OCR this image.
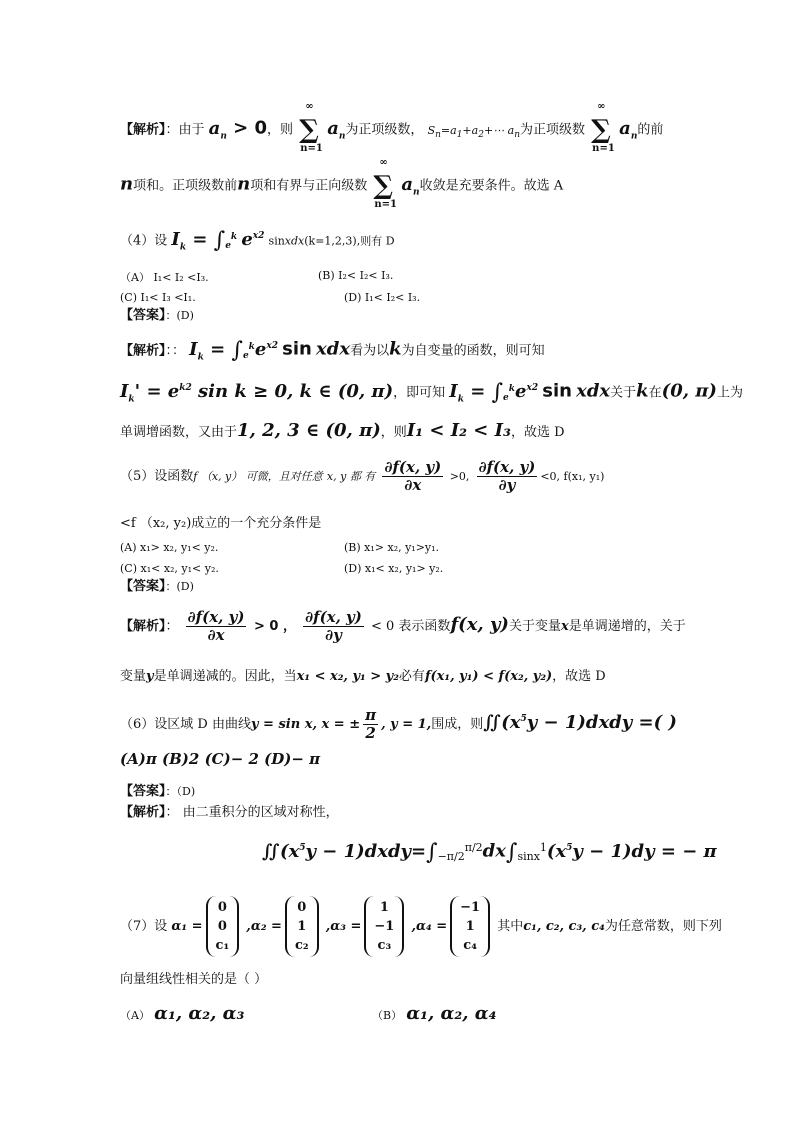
【解析】：由于 $a_n > 0$，则
∞
∑
n=1
$a_n$为正项级数， $S_n=a_1+a_2+\cdots$ $a_n$为正项级数
∞
∑
n=1
$a_n$的前
n项和。正项级数前n项和有界与正向级数
∞
∑
n=1
$a_n$收敛是充要条件。故选 A
（4）设 $I_k = \int_e^k$ $e^{x2}$ sinxdx(k=1,2,3),则有 D
（A） I₁< I₂ <I₃.	(B) I₂< I₂< I₃.
(C) I₁< I₃ <I₁.	(D) I₁< I₂< I₃.
【答案】：(D)
【解析】：： $I_k = \int_e^ke^{x2}$ sin xdx看为以k为自变量的函数，则可知
$I_k' = e^{k2}$ sin k ≥ 0, k ∈ (0, π)，即可知 $I_k = \int_e^ke^{x2}$ sin xdx关于k在(0, π)上为
单调增函数，又由于1, 2, 3 ∈ (0, π)，则I₁ < I₂ < I₃，故选 D
（5）设函数f （x, y） 可微，且对任意 x, y 都 有 $\frac{\partial f(x, y)}{\partial x} >0$, $\frac{\partial f(x, y)}{\partial y} <0$, f(x₁, y₁)
<f （x₂, y₂)成立的一个充分条件是
(A) x₁> x₂, y₁< y₂.	(B) x₁> x₂, y₁>y₁.
(C) x₁< x₂, y₁< y₂.	(D) x₁< x₂, y₁> y₂.
【答案】：(D)
【解析】： $\frac{\partial f(x, y)}{\partial x} > 0$ ， $\frac{\partial f(x, y)}{\partial y} < 0$ 表示函数f(x, y)关于变量x是单调递增的，关于
变量y是单调递减的。因此，当x₁ < x₂, y₁ > y₂必有f(x₁, y₁) < f(x₂, y₂)，故选 D
（6）设区域 D 由曲线y = sin x, x = ± $\frac{\pi}{2}$ , y = 1,围成，则$∬(x^5y$ − 1)dxdy =( )
(A)π (B)2 (C)− 2 (D)− π
【答案】：（D)
【解析】： 由二重积分的区域对称性，
$∬(x^5y$ − $1)dxdy=\int_{-\pi/2}^{\pi/2}dx\int_{sinx}^1(x^5y - 1)dy$ = − π
（7）设 α₁ =
0
0
c₁
,α₂ =
0
1
c₂
,α₃ =
1
−1
c₃
,α₄ =
−1
1
c₄
其中c₁, c₂, c₃, c₄为任意常数，则下列
向量组线性相关的是（ ）
（A） α₁, α₂, α₃	（B） α₁, α₂, α₄
